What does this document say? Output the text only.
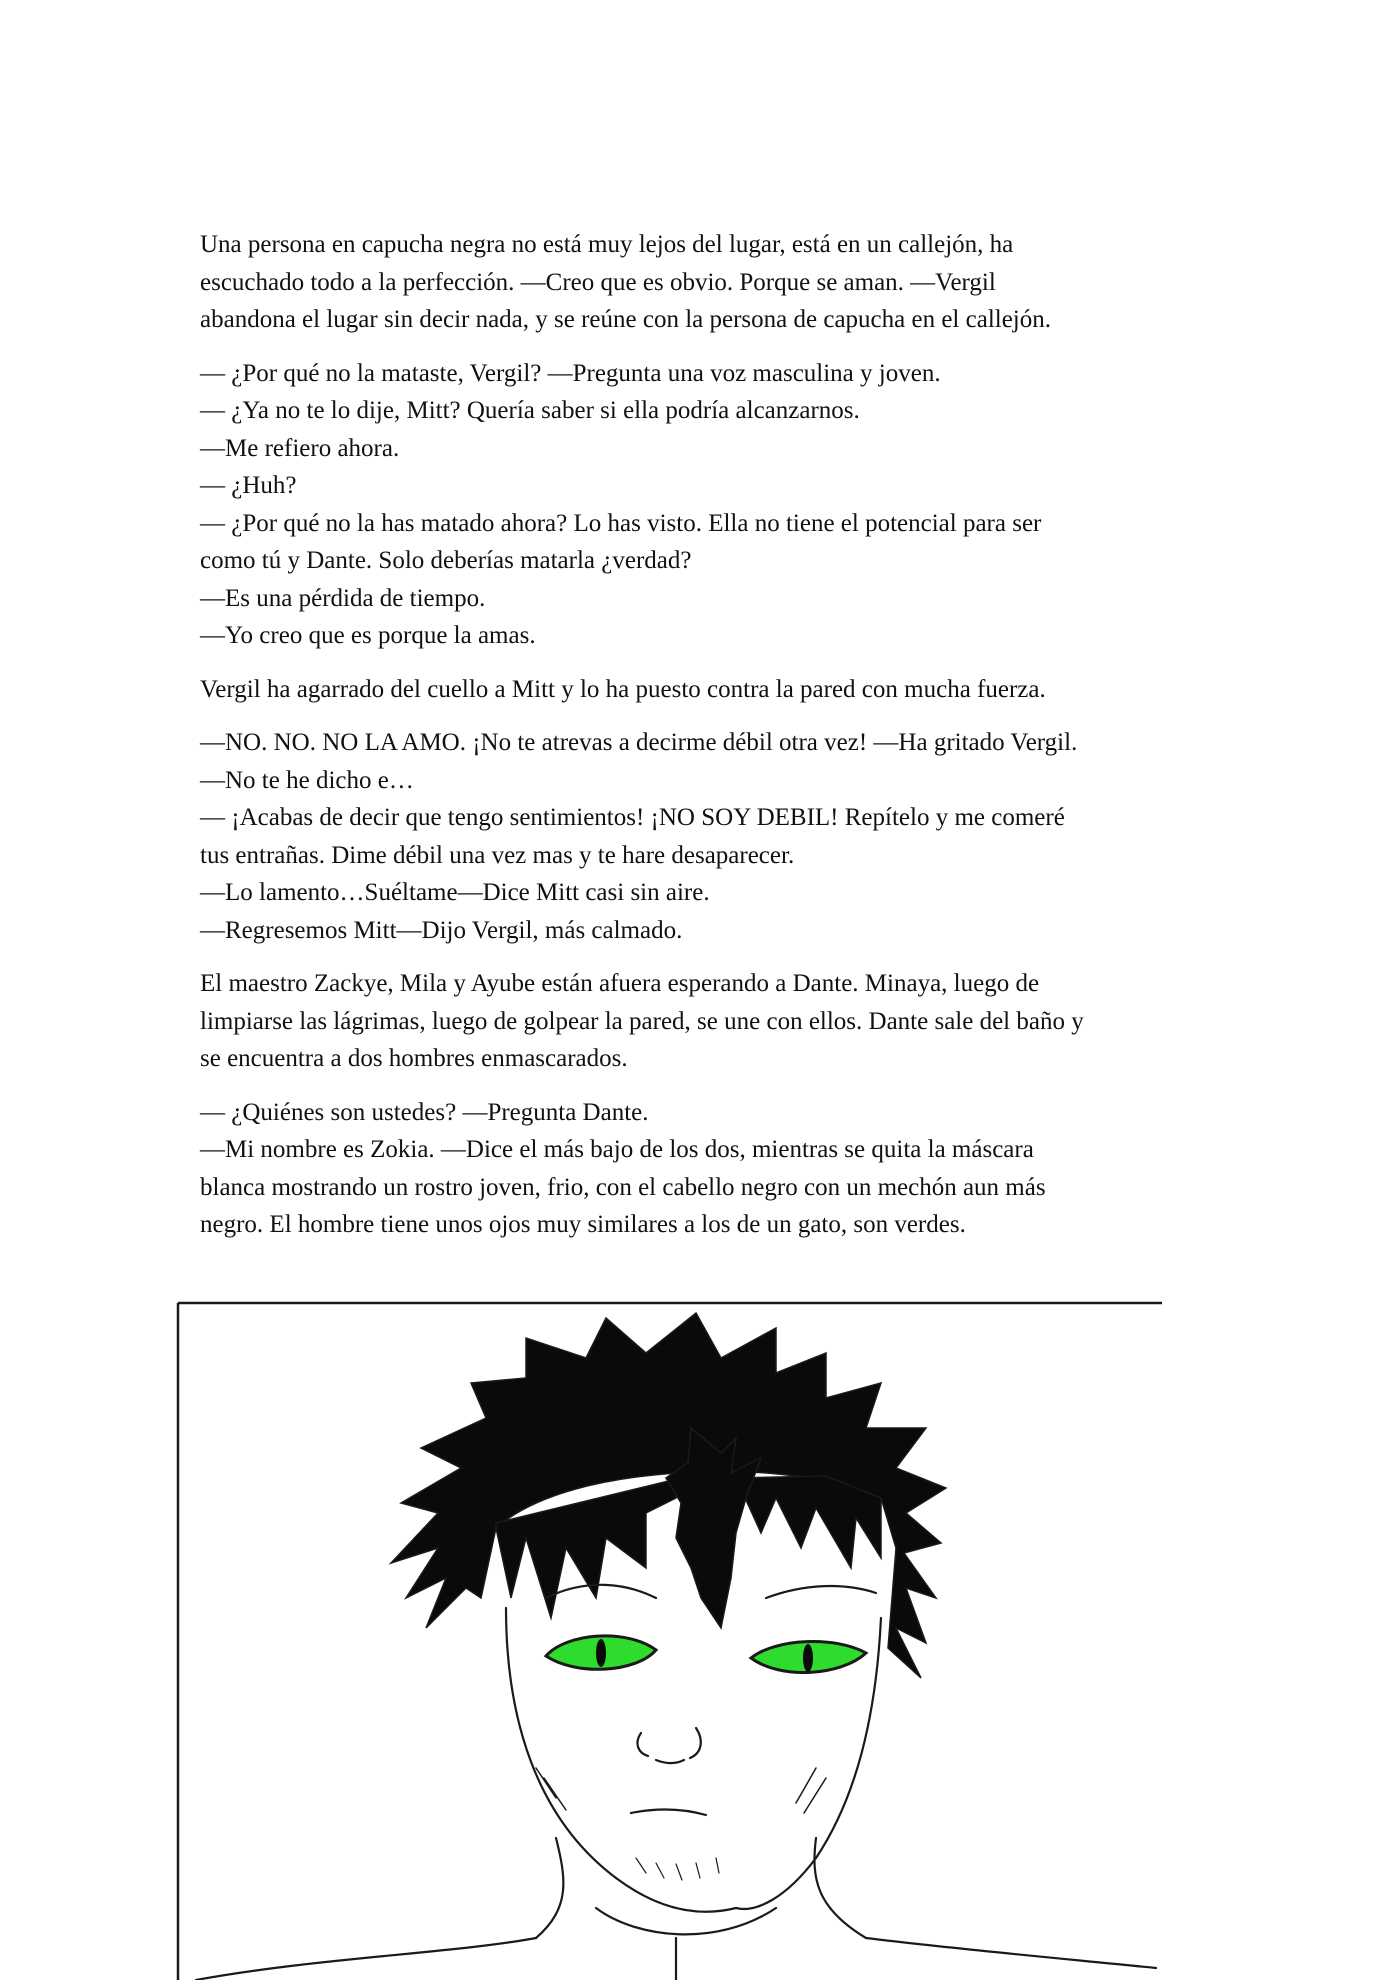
Una persona en capucha negra no está muy lejos del lugar, está en un callejón, ha
escuchado todo a la perfección. —Creo que es obvio. Porque se aman. —Vergil
abandona el lugar sin decir nada, y se reúne con la persona de capucha en el callejón.
— ¿Por qué no la mataste, Vergil? —Pregunta una voz masculina y joven.
— ¿Ya no te lo dije, Mitt? Quería saber si ella podría alcanzarnos.
—Me refiero ahora.
— ¿Huh?
— ¿Por qué no la has matado ahora? Lo has visto. Ella no tiene el potencial para ser
como tú y Dante. Solo deberías matarla ¿verdad?
—Es una pérdida de tiempo.
—Yo creo que es porque la amas.
Vergil ha agarrado del cuello a Mitt y lo ha puesto contra la pared con mucha fuerza.
—NO. NO. NO LA AMO. ¡No te atrevas a decirme débil otra vez! —Ha gritado Vergil.
—No te he dicho e…
— ¡Acabas de decir que tengo sentimientos! ¡NO SOY DEBIL! Repítelo y me comeré
tus entrañas. Dime débil una vez mas y te hare desaparecer.
—Lo lamento…Suéltame—Dice Mitt casi sin aire.
—Regresemos Mitt—Dijo Vergil, más calmado.
El maestro Zackye, Mila y Ayube están afuera esperando a Dante. Minaya, luego de
limpiarse las lágrimas, luego de golpear la pared, se une con ellos. Dante sale del baño y
se encuentra a dos hombres enmascarados.
— ¿Quiénes son ustedes? —Pregunta Dante.
—Mi nombre es Zokia. —Dice el más bajo de los dos, mientras se quita la máscara
blanca mostrando un rostro joven, frio, con el cabello negro con un mechón aun más
negro. El hombre tiene unos ojos muy similares a los de un gato, son verdes.
